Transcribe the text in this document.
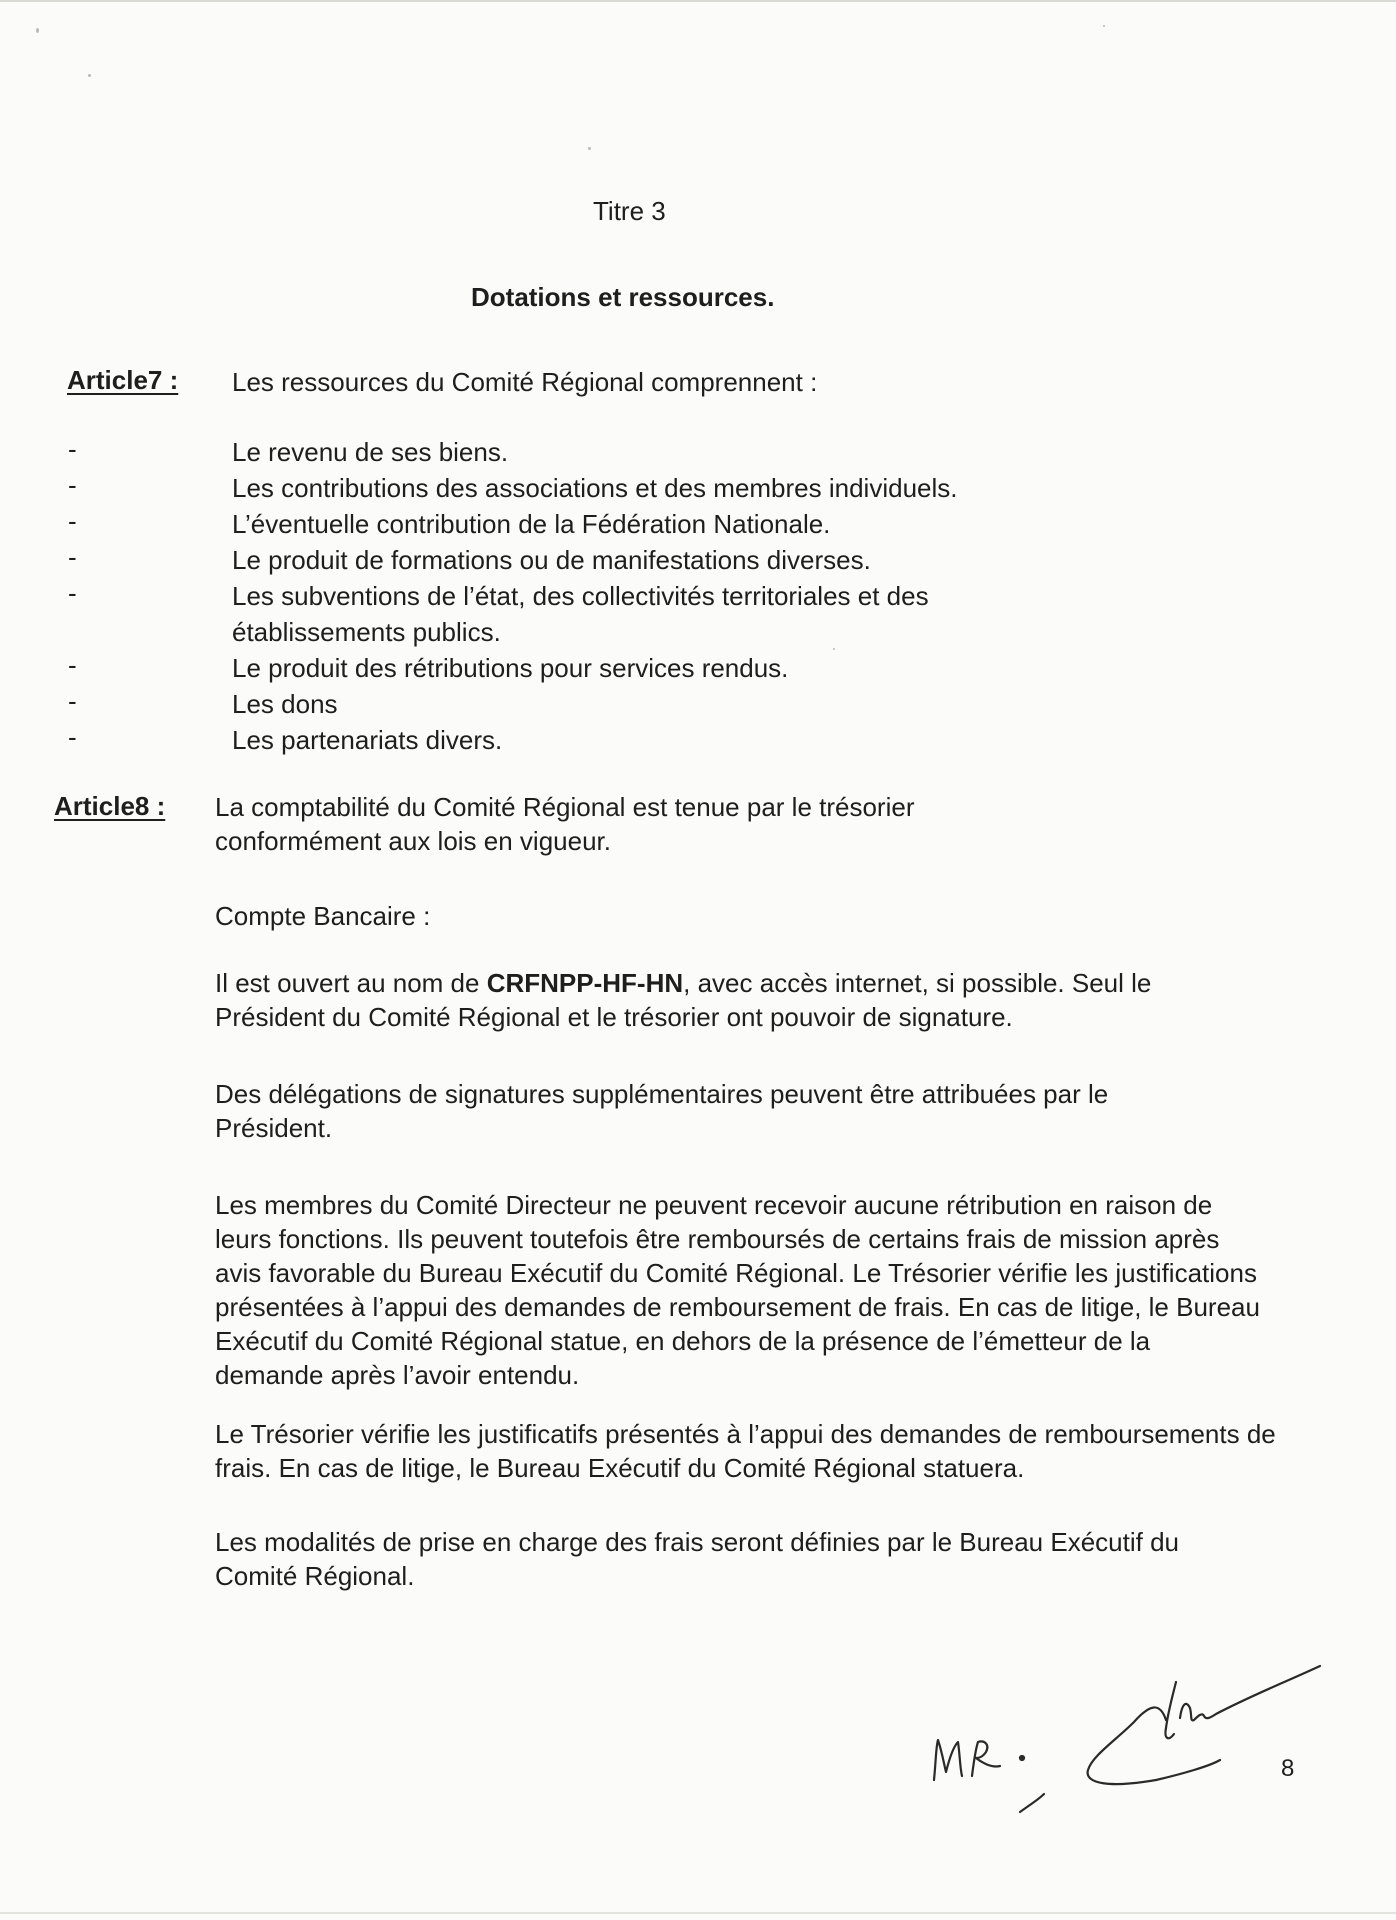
Titre 3
Dotations et ressources.
Article7 : Les ressources du Comité Régional comprennent :
-	Le revenu de ses biens.
-	Les contributions des associations et des membres individuels.
-	L’éventuelle contribution de la Fédération Nationale.
-	Le produit de formations ou de manifestations diverses.
-	Les subventions de l’état, des collectivités territoriales et des établissements publics.
-	Le produit des rétributions pour services rendus.
-	Les dons
-	Les partenariats divers.
Article8 : La comptabilité du Comité Régional est tenue par le trésorier conformément aux lois en vigueur.

Compte Bancaire :

Il est ouvert au nom de CRFNPP-HF-HN, avec accès internet, si possible. Seul le Président du Comité Régional et le trésorier ont pouvoir de signature.

Des délégations de signatures supplémentaires peuvent être attribuées par le Président.

Les membres du Comité Directeur ne peuvent recevoir aucune rétribution en raison de leurs fonctions. Ils peuvent toutefois être remboursés de certains frais de mission après avis favorable du Bureau Exécutif du Comité Régional. Le Trésorier vérifie les justifications présentées à l’appui des demandes de remboursement de frais. En cas de litige, le Bureau Exécutif du Comité Régional statue, en dehors de la présence de l’émetteur de la demande après l’avoir entendu.

Le Trésorier vérifie les justificatifs présentés à l’appui des demandes de remboursements de frais. En cas de litige, le Bureau Exécutif du Comité Régional statuera.

Les modalités de prise en charge des frais seront définies par le Bureau Exécutif du Comité Régional.

8
